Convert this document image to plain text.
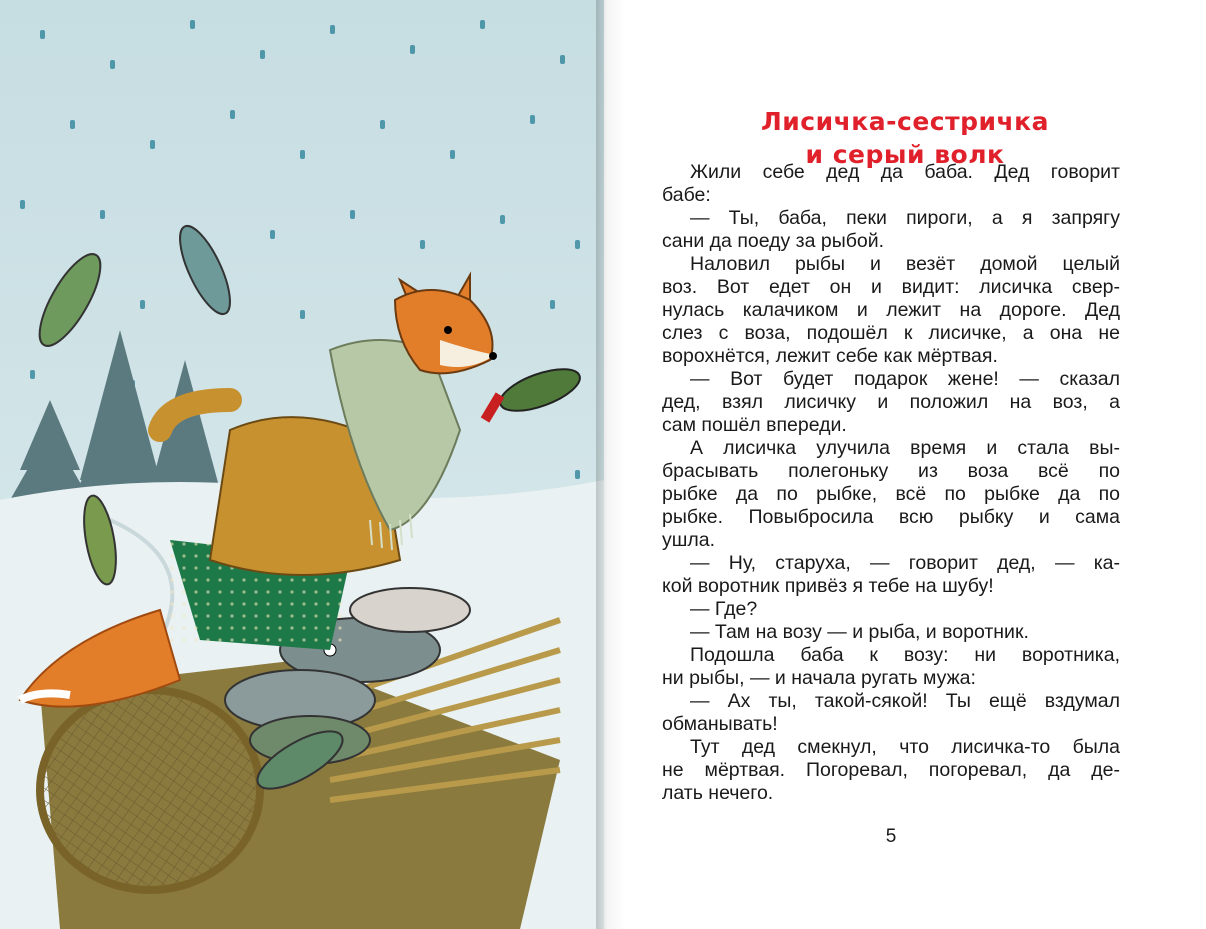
Лисичка-сестричка
и серый волк

Жили себе дед да баба. Дед говорит
бабе:

— Ты, баба, пеки пироги, а я запрягу
сани да поеду за рыбой.

Наловил рыбы и везёт домой целый
воз. Вот едет он и видит: лисичка свер-
нулась калачиком и лежит на дороге. Дед
слез с воза, подошёл к лисичке, а она не
ворохнётся, лежит себе как мёртвая.

— Вот будет подарок жене! — сказал
дед, взял лисичку и положил на воз, а
сам пошёл впереди.

А лисичка улучила время и стала вы-
брасывать полегоньку из воза всё по
рыбке да по рыбке, всё по рыбке да по
рыбке. Повыбросила всю рыбку и сама
ушла.

— Ну, старуха, — говорит дед, — ка-
кой воротник привёз я тебе на шубу!

— Где?

— Там на возу — и рыба, и воротник.

Подошла баба к возу: ни воротника,
ни рыбы, — и начала ругать мужа:

— Ах ты, такой-сякой! Ты ещё вздумал
обманывать!

Тут дед смекнул, что лисичка-то была
не мёртвая. Погоревал, погоревал, да де-
лать нечего.

5
